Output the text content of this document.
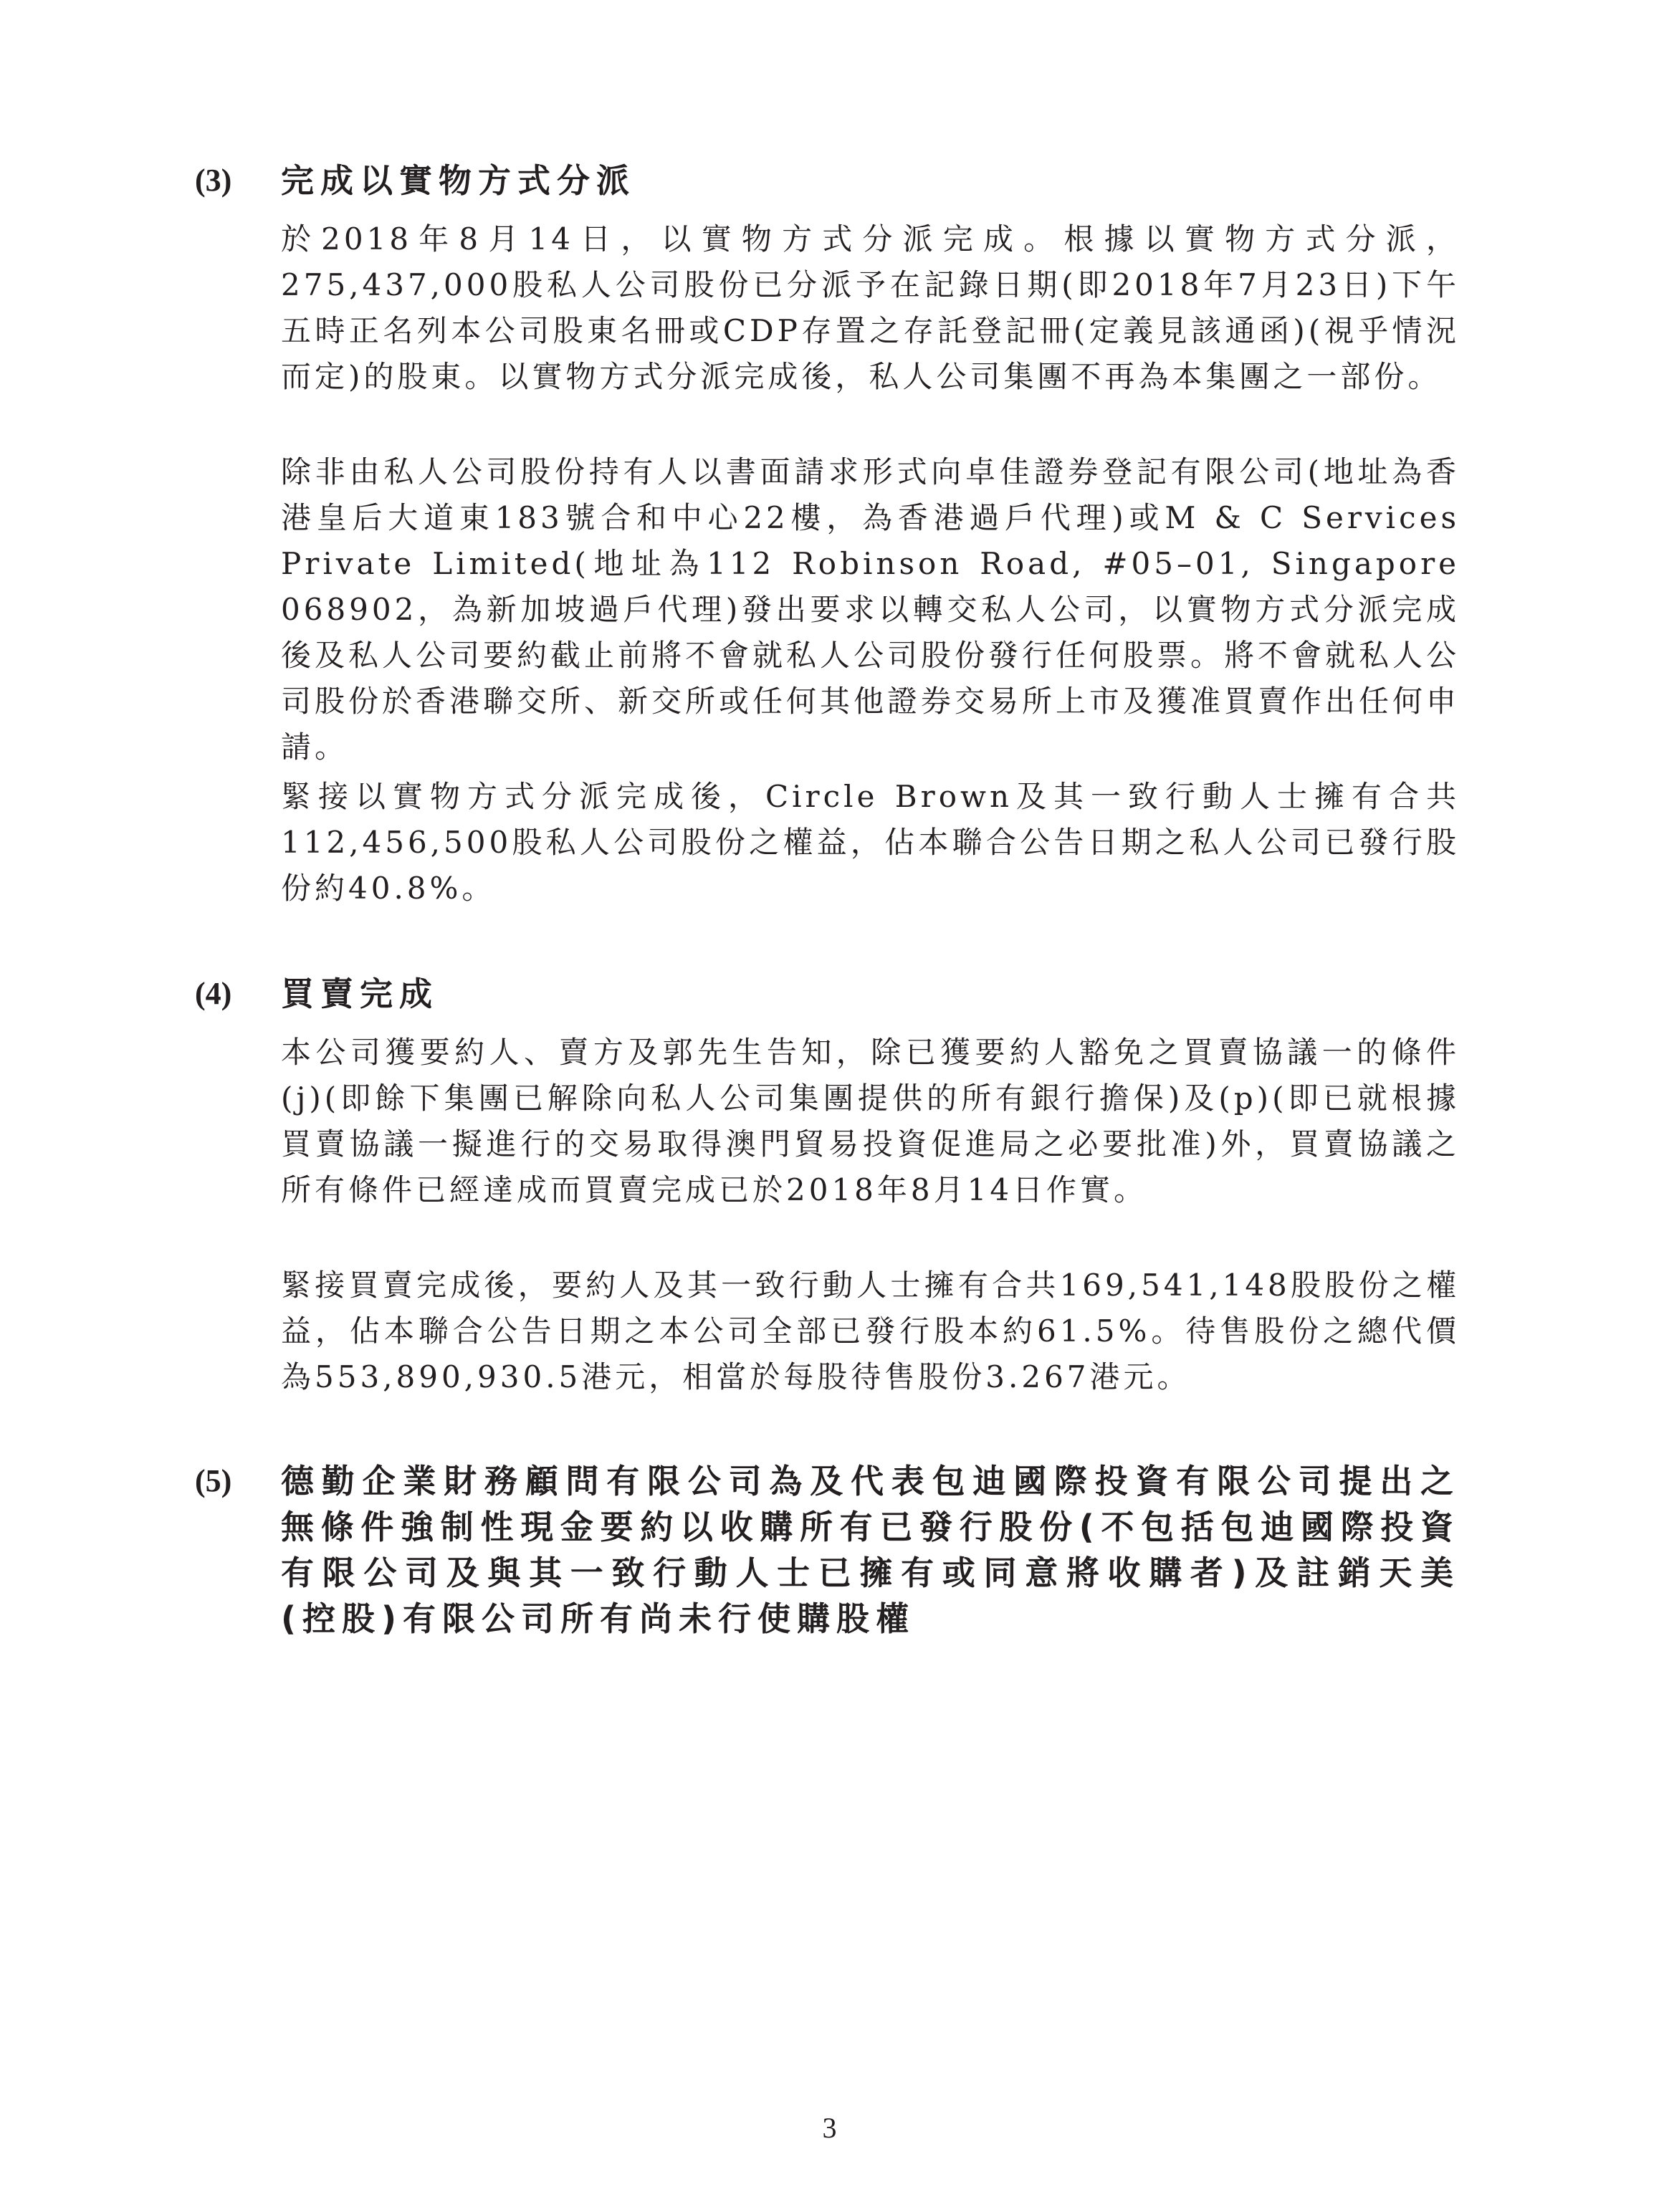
(3) 完成以實物方式分派
於2018年8月14日，以實物方式分派完成。根據以實物方式分派，275,437,000股私人公司股份已分派予在記錄日期(即2018年7月23日)下午五時正名列本公司股東名冊或CDP存置之存託登記冊(定義見該通函)(視乎情況而定)的股東。以實物方式分派完成後，私人公司集團不再為本集團之一部份。
除非由私人公司股份持有人以書面請求形式向卓佳證券登記有限公司(地址為香港皇后大道東183號合和中心22樓，為香港過戶代理)或M & C Services Private Limited(地址為112 Robinson Road, #05–01, Singapore 068902，為新加坡過戶代理)發出要求以轉交私人公司，以實物方式分派完成後及私人公司要約截止前將不會就私人公司股份發行任何股票。將不會就私人公司股份於香港聯交所、新交所或任何其他證券交易所上市及獲准買賣作出任何申請。
緊接以實物方式分派完成後，Circle Brown及其一致行動人士擁有合共112,456,500股私人公司股份之權益，佔本聯合公告日期之私人公司已發行股份約40.8%。
(4) 買賣完成
本公司獲要約人、賣方及郭先生告知，除已獲要約人豁免之買賣協議一的條件(j)(即餘下集團已解除向私人公司集團提供的所有銀行擔保)及(p)(即已就根據買賣協議一擬進行的交易取得澳門貿易投資促進局之必要批准)外，買賣協議之所有條件已經達成而買賣完成已於2018年8月14日作實。
緊接買賣完成後，要約人及其一致行動人士擁有合共169,541,148股股份之權益，佔本聯合公告日期之本公司全部已發行股本約61.5%。待售股份之總代價為553,890,930.5港元，相當於每股待售股份3.267港元。
(5) 德勤企業財務顧問有限公司為及代表包迪國際投資有限公司提出之無條件強制性現金要約以收購所有已發行股份(不包括包迪國際投資有限公司及與其一致行動人士已擁有或同意將收購者)及註銷天美(控股)有限公司所有尚未行使購股權
3
